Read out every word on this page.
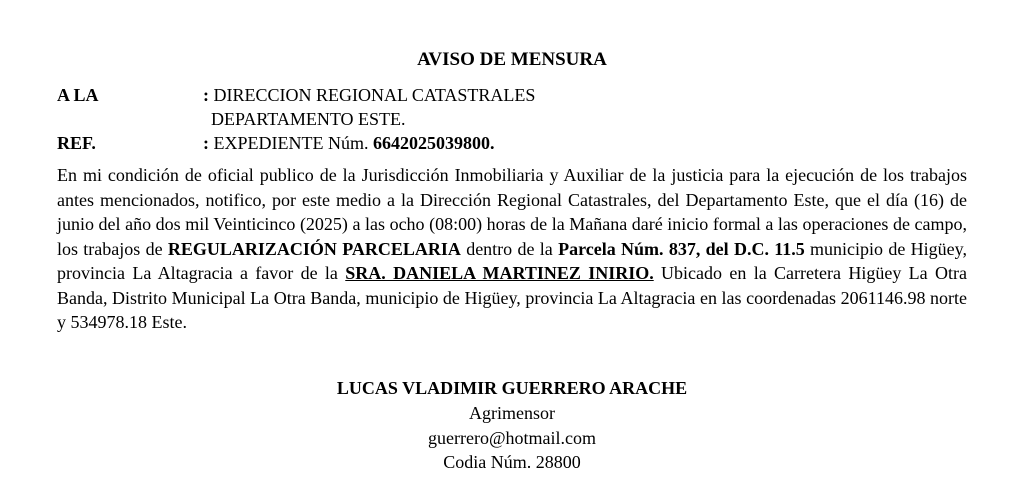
AVISO DE MENSURA
A LA	: DIRECCION REGIONAL CATASTRALES
DEPARTAMENTO ESTE.
REF.	: EXPEDIENTE Núm. 6642025039800.
En mi condición de oficial publico de la Jurisdicción Inmobiliaria y Auxiliar de la justicia para la ejecución de los trabajos antes mencionados, notifico, por este medio a la Dirección Regional Catastrales, del Departamento Este, que el día (16) de junio del año dos mil Veinticinco (2025) a las ocho (08:00) horas de la Mañana daré inicio formal a las operaciones de campo, los trabajos de REGULARIZACIÓN PARCELARIA dentro de la Parcela Núm. 837, del D.C. 11.5 municipio de Higüey, provincia La Altagracia a favor de la SRA. DANIELA MARTINEZ INIRIO. Ubicado en la Carretera Higüey La Otra Banda, Distrito Municipal La Otra Banda, municipio de Higüey, provincia La Altagracia en las coordenadas 2061146.98 norte y 534978.18 Este.
LUCAS VLADIMIR GUERRERO ARACHE
Agrimensor
guerrero@hotmail.com
Codia Núm. 28800
